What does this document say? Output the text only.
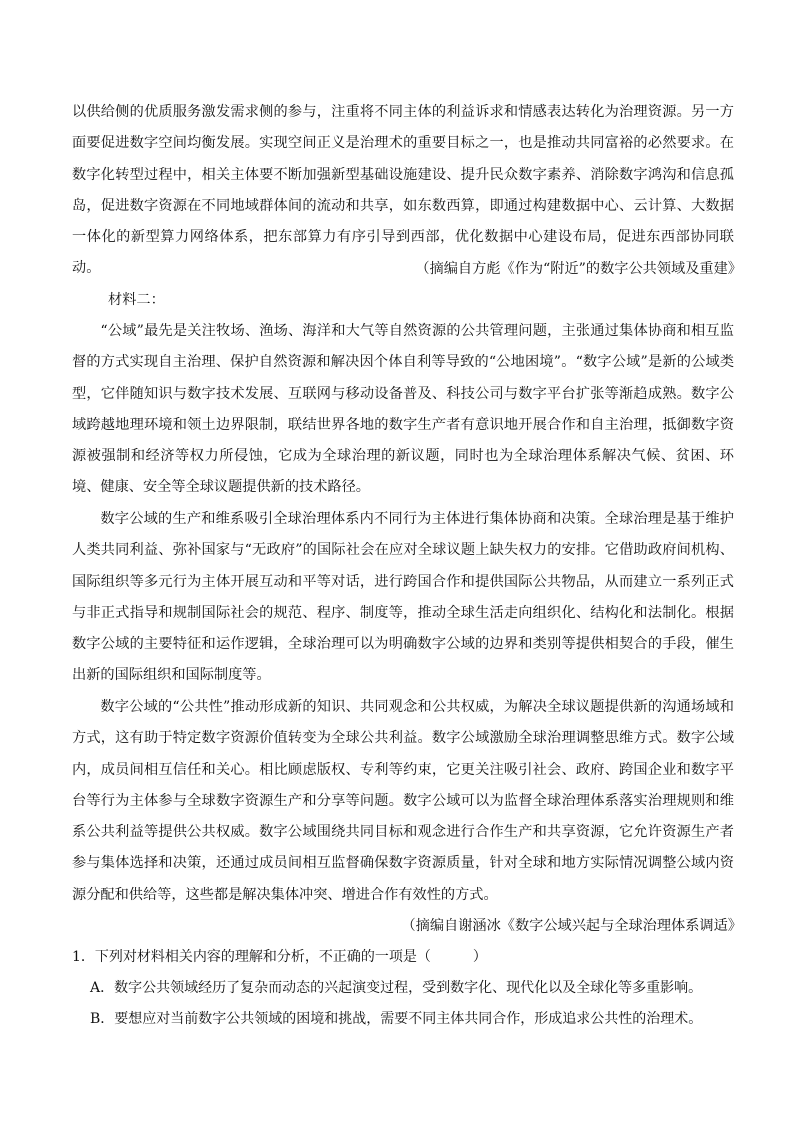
以供给侧的优质服务激发需求侧的参与，注重将不同主体的利益诉求和情感表达转化为治理资源。另一方面要促进数字空间均衡发展。实现空间正义是治理术的重要目标之一，也是推动共同富裕的必然要求。在数字化转型过程中，相关主体要不断加强新型基础设施建设、提升民众数字素养、消除数字鸿沟和信息孤岛，促进数字资源在不同地域群体间的流动和共享，如东数西算，即通过构建数据中心、云计算、大数据一体化的新型算力网络体系，把东部算力有序引导到西部，优化数据中心建设布局，促进东西部协同联动。	（摘编自方彪《作为“附近”的数字公共领域及重建》
材料二：

“公域”最先是关注牧场、渔场、海洋和大气等自然资源的公共管理问题，主张通过集体协商和相互监督的方式实现自主治理、保护自然资源和解决因个体自利等导致的“公地困境”。“数字公域”是新的公域类型，它伴随知识与数字技术发展、互联网与移动设备普及、科技公司与数字平台扩张等渐趋成熟。数字公域跨越地理环境和领土边界限制，联结世界各地的数字生产者有意识地开展合作和自主治理，抵御数字资源被强制和经济等权力所侵蚀，它成为全球治理的新议题，同时也为全球治理体系解决气候、贫困、环境、健康、安全等全球议题提供新的技术路径。

数字公域的生产和维系吸引全球治理体系内不同行为主体进行集体协商和决策。全球治理是基于维护人类共同利益、弥补国家与“无政府”的国际社会在应对全球议题上缺失权力的安排。它借助政府间机构、国际组织等多元行为主体开展互动和平等对话，进行跨国合作和提供国际公共物品，从而建立一系列正式与非正式指导和规制国际社会的规范、程序、制度等，推动全球生活走向组织化、结构化和法制化。根据数字公域的主要特征和运作逻辑，全球治理可以为明确数字公域的边界和类别等提供相契合的手段，催生出新的国际组织和国际制度等。

数字公域的“公共性”推动形成新的知识、共同观念和公共权威，为解决全球议题提供新的沟通场域和方式，这有助于特定数字资源价值转变为全球公共利益。数字公域激励全球治理调整思维方式。数字公域内，成员间相互信任和关心。相比顾虑版权、专利等约束，它更关注吸引社会、政府、跨国企业和数字平台等行为主体参与全球数字资源生产和分享等问题。数字公域可以为监督全球治理体系落实治理规则和维系公共利益等提供公共权威。数字公域围绕共同目标和观念进行合作生产和共享资源，它允许资源生产者参与集体选择和决策，还通过成员间相互监督确保数字资源质量，针对全球和地方实际情况调整公域内资源分配和供给等，这些都是解决集体冲突、增进合作有效性的方式。

（摘编自谢涵冰《数字公域兴起与全球治理体系调适》
1．下列对材料相关内容的理解和分析，不正确的一项是（　　　）
A．数字公共领域经历了复杂而动态的兴起演变过程，受到数字化、现代化以及全球化等多重影响。
B．要想应对当前数字公共领域的困境和挑战，需要不同主体共同合作，形成追求公共性的治理术。
